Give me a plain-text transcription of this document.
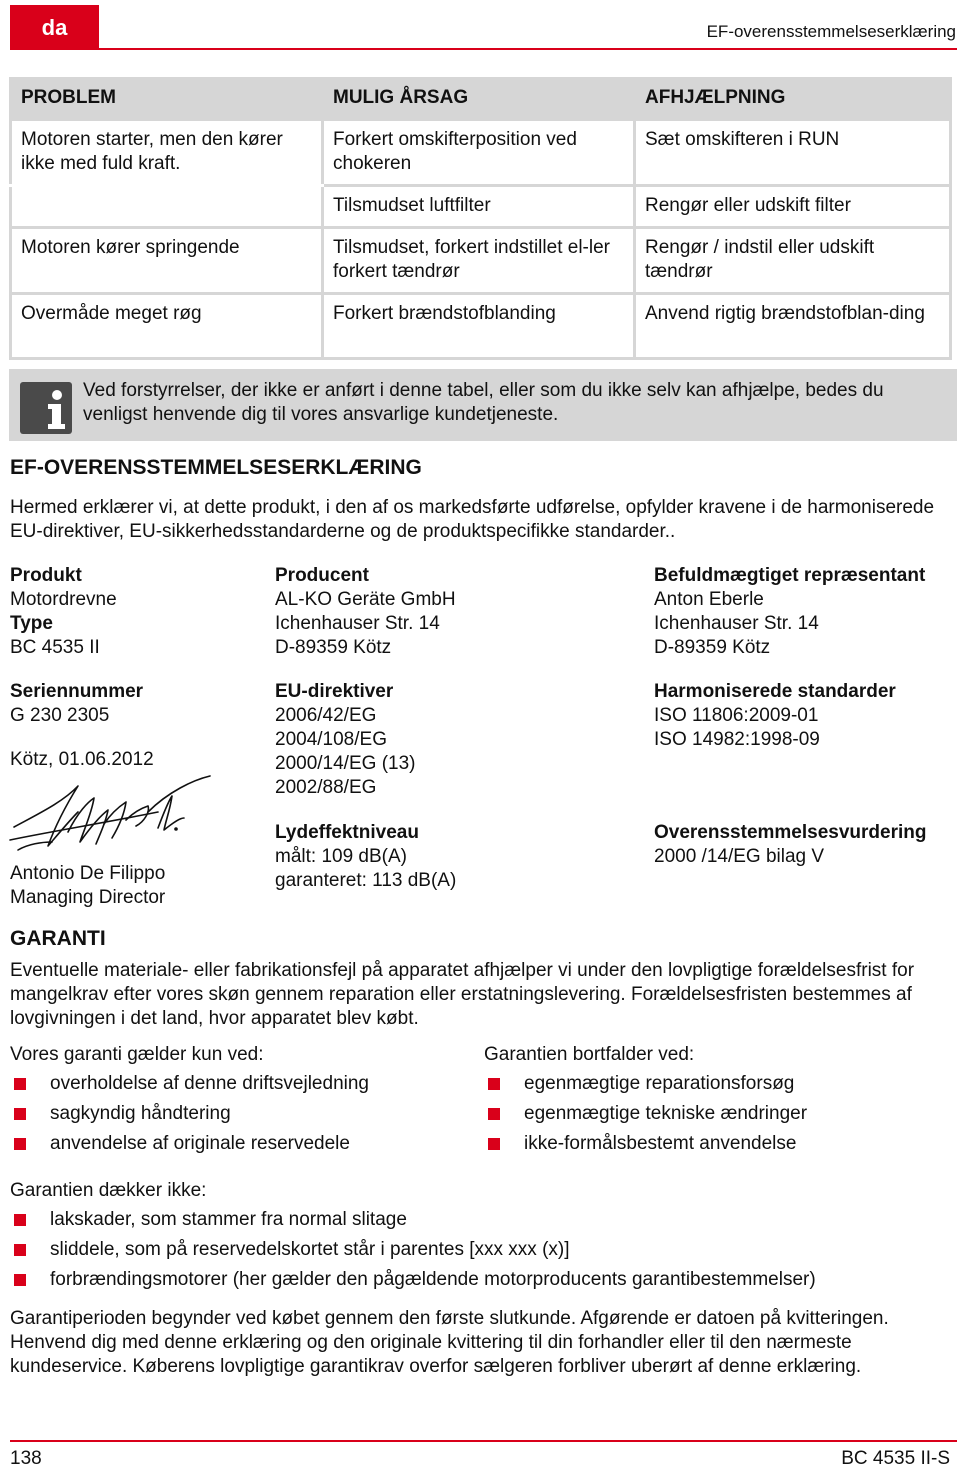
da	EF-overensstemmelseserklæring
PROBLEM	MULIG ÅRSAG	AFHJÆLPNING
Motoren starter, men den kører ikke med fuld kraft.	Forkert omskifterposition ved chokeren	Sæt omskifteren i RUN
	Tilsmudset luftfilter	Rengør eller udskift filter
Motoren kører springende	Tilsmudset, forkert indstillet el-ler forkert tændrør	Rengør / indstil eller udskift tændrør
Overmåde meget røg	Forkert brændstofblanding	Anvend rigtig brændstofblan-ding
Ved forstyrrelser, der ikke er anført i denne tabel, eller som du ikke selv kan afhjælpe, bedes du venligst henvende dig til vores ansvarlige kundetjeneste.
EF-OVERENSSTEMMELSESERKLÆRING

Hermed erklærer vi, at dette produkt, i den af os markedsførte udførelse, opfylder kravene i de harmoniserede EU-direktiver, EU-sikkerhedsstandarderne og de produktspecifikke standarder..

Produkt
Motordrevne
Type
BC 4535 II
Producent
AL-KO Geräte GmbH
Ichenhauser Str. 14
D-89359 Kötz
Befuldmægtiget repræsentant
Anton Eberle
Ichenhauser Str. 14
D-89359 Kötz
Seriennummer
G 230 2305
Kötz, 01.06.2012
EU-direktiver
2006/42/EG
2004/108/EG
2000/14/EG (13)
2002/88/EG
Harmoniserede standarder
ISO 11806:2009-01
ISO 14982:1998-09
Antonio De Filippo
Managing Director
Lydeffektniveau
målt: 109 dB(A)
garanteret: 113 dB(A)
Overensstemmelsesvurdering
2000 /14/EG bilag V
GARANTI

Eventuelle materiale- eller fabrikationsfejl på apparatet afhjælper vi under den lovpligtige forældelsesfrist for mangelkrav efter vores skøn gennem reparation eller erstatningslevering. Forældelsesfristen bestemmes af lovgivningen i det land, hvor apparatet blev købt.

Vores garanti gælder kun ved:
overholdelse af denne driftsvejledning
sagkyndig håndtering
anvendelse af originale reservedele
Garantien bortfalder ved:
egenmægtige reparationsforsøg
egenmægtige tekniske ændringer
ikke-formålsbestemt anvendelse
Garantien dækker ikke:
lakskader, som stammer fra normal slitage
sliddele, som på reservedelskortet står i parentes [xxx xxx (x)]
forbrændingsmotorer (her gælder den pågældende motorproducents garantibestemmelser)

Garantiperioden begynder ved købet gennem den første slutkunde. Afgørende er datoen på kvitteringen. Henvend dig med denne erklæring og den originale kvittering til din forhandler eller til den nærmeste kundeservice. Køberens lovpligtige garantikrav overfor sælgeren forbliver uberørt af denne erklæring.

138	BC 4535 II-S
